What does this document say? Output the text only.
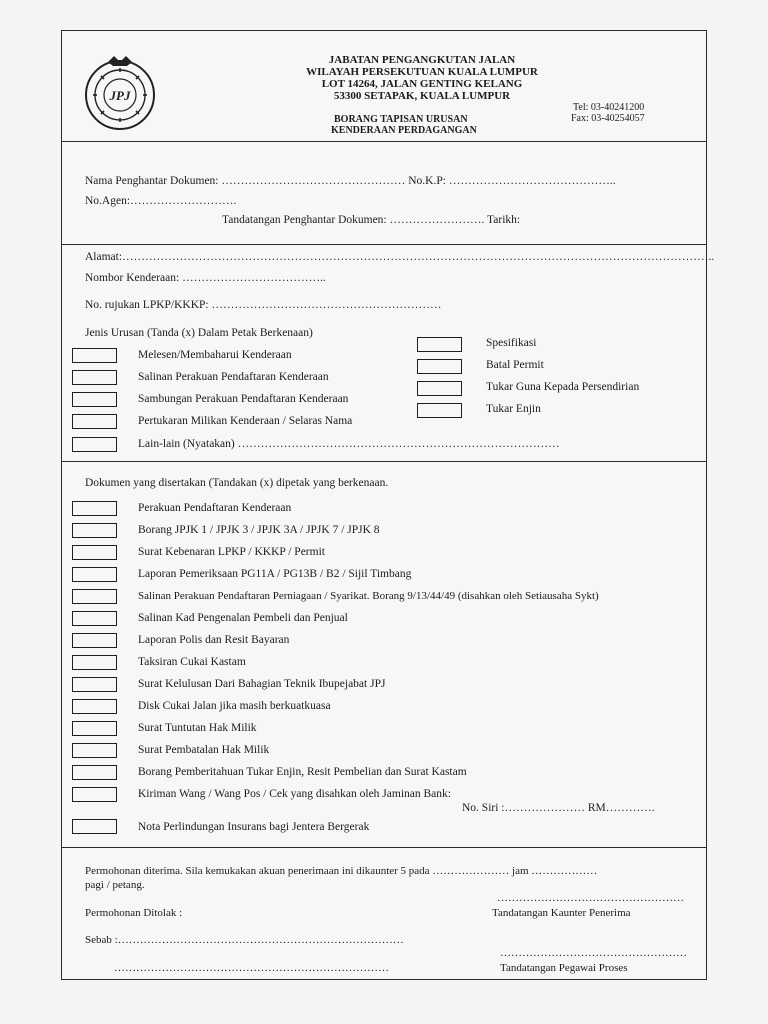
JPJ
JABATAN PENGANGKUTAN JALAN
WILAYAH PERSEKUTUAN KUALA LUMPUR
LOT 14264, JALAN GENTING KELANG
53300 SETAPAK, KUALA LUMPUR
BORANG TAPISAN URUSAN
KENDERAAN PERDAGANGAN
Tel: 03-40241200
Fax: 03-40254057
Nama Penghantar Dokumen: ………………………………………… No.K.P: ……………………………………..
No.Agen:……………………….
Tandatangan Penghantar Dokumen: ……………………. Tarikh:
Alamat:………………………………………………………………………………………………………………………………………..
Nombor Kenderaan: ………………………………..
No. rujukan LPKP/KKKP: ……………………………………………………
Jenis Urusan (Tanda (x) Dalam Petak Berkenaan)
Melesen/Membaharui Kenderaan
Salinan Perakuan Pendaftaran Kenderaan
Sambungan Perakuan Pendaftaran Kenderaan
Pertukaran Milikan Kenderaan / Selaras Nama
Lain-lain (Nyatakan) …………………………………………………………………………
Spesifikasi
Batal Permit
Tukar Guna Kepada Persendirian
Tukar Enjin
Dokumen yang disertakan (Tandakan (x) dipetak yang berkenaan.
Perakuan Pendaftaran Kenderaan
Borang JPJK 1 / JPJK 3 / JPJK 3A / JPJK 7 / JPJK 8
Surat Kebenaran LPKP / KKKP / Permit
Laporan Pemeriksaan PG11A / PG13B / B2 / Sijil Timbang
Salinan Perakuan Pendaftaran Perniagaan / Syarikat. Borang 9/13/44/49 (disahkan oleh Setiausaha Sykt)
Salinan Kad Pengenalan Pembeli dan Penjual
Laporan Polis dan Resit Bayaran
Taksiran Cukai Kastam
Surat Kelulusan Dari Bahagian Teknik Ibupejabat JPJ
Disk Cukai Jalan jika masih berkuatkuasa
Surat Tuntutan Hak Milik
Surat Pembatalan Hak Milik
Borang Pemberitahuan Tukar Enjin, Resit Pembelian dan Surat Kastam
Kiriman Wang / Wang Pos / Cek yang disahkan oleh Jaminan Bank:
No. Siri :………………… RM………….
Nota Perlindungan Insurans bagi Jentera Bergerak
Permohonan diterima. Sila kemukakan akuan penerimaan ini dikaunter 5 pada ………………… jam ………………
pagi / petang.
……………………………………………
Permohonan Ditolak :	Tandatangan Kaunter Penerima
Sebab :……………………………………………………………………
……………………………………………
…………………………………………………………………	Tandatangan Pegawai Proses
